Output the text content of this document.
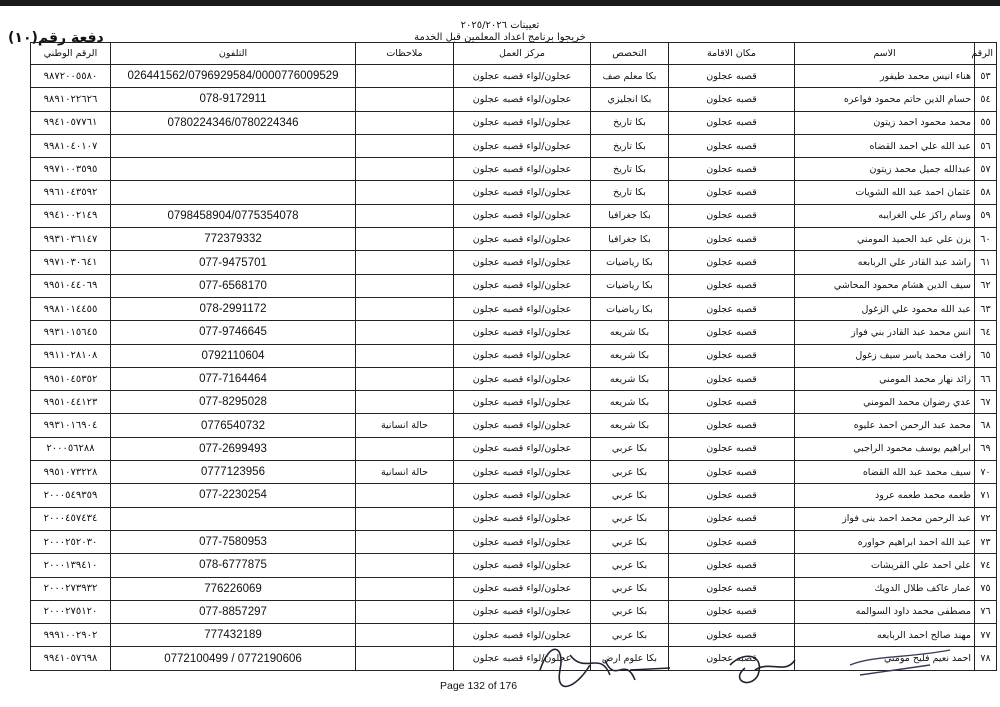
تعيينات ٢٠٢٥/٢٠٢٦
خريجوا برنامج اعداد المعلمين قبل الخدمة
دفعة رقم(١٠)
الرقم	الاسم	مكان الاقامة	التخصص	مركز العمل	ملاحظات	التلفون	الرقم الوطني
٥٣	هناء انيس محمد طيفور	قصبه عجلون	بكا معلم صف	عجلون/لواء قصبه عجلون		026441562/0796929584/0000776009529	٩٨٧٢٠٠٥٥٨٠
٥٤	حسام الدين حاتم محمود فواعره	قصبه عجلون	بكا انجليزي	عجلون/لواء قصبه عجلون		078-9172911	٩٨٩١٠٢٢٦٢٦
٥٥	محمد محمود احمد زيتون	قصبه عجلون	بكا تاريخ	عجلون/لواء قصبه عجلون		0780224346/0780224346	٩٩٤١٠٥٧٧٦١
٥٦	عبد الله علي احمد القضاه	قصبه عجلون	بكا تاريخ	عجلون/لواء قصبه عجلون			٩٩٨١٠٤٠١٠٧
٥٧	عبدالله جميل محمد زيتون	قصبه عجلون	بكا تاريخ	عجلون/لواء قصبه عجلون			٩٩٧١٠٠٣٥٩٥
٥٨	عثمان احمد عبد الله الشويات	قصبه عجلون	بكا تاريخ	عجلون/لواء قصبه عجلون			٩٩٦١٠٤٣٥٩٢
٥٩	وسام راكز علي الغرايبه	قصبه عجلون	بكا جغرافيا	عجلون/لواء قصبه عجلون		0798458904/0775354078	٩٩٤١٠٠٢١٤٩
٦٠	يزن علي عبد الحميد المومني	قصبه عجلون	بكا جغرافيا	عجلون/لواء قصبه عجلون		772379332	٩٩٣١٠٣٦١٤٧
٦١	راشد عبد القادر علي الربابعه	قصبه عجلون	بكا رياضيات	عجلون/لواء قصبه عجلون		077-9475701	٩٩٧١٠٣٠٦٤١
٦٢	سيف الدين هشام محمود المحاشي	قصبه عجلون	بكا رياضيات	عجلون/لواء قصبه عجلون		077-6568170	٩٩٥١٠٤٤٠٦٩
٦٣	عبد الله محمود علي الزغول	قصبه عجلون	بكا رياضيات	عجلون/لواء قصبه عجلون		078-2991172	٩٩٨١٠١٤٤٥٥
٦٤	انس محمد عبد القادر بني فواز	قصبه عجلون	بكا شريعه	عجلون/لواء قصبه عجلون		077-9746645	٩٩٣١٠١٥٦٤٥
٦٥	رافت محمد ياسر سيف زغول	قصبه عجلون	بكا شريعه	عجلون/لواء قصبه عجلون		0792110604	٩٩١١٠٢٨١٠٨
٦٦	رائد نهار محمد المومني	قصبه عجلون	بكا شريعه	عجلون/لواء قصبه عجلون		077-7164464	٩٩٥١٠٤٥٣٥٢
٦٧	عدي رضوان محمد المومني	قصبه عجلون	بكا شريعه	عجلون/لواء قصبه عجلون		077-8295028	٩٩٥١٠٤٤١٢٣
٦٨	محمد عبد الرحمن احمد عليوه	قصبه عجلون	بكا شريعه	عجلون/لواء قصبه عجلون	حالة انسانية	0776540732	٩٩٣١٠١٦٩٠٤
٦٩	ابراهيم يوسف محمود الراجبي	قصبه عجلون	بكا عربي	عجلون/لواء قصبه عجلون		077-2699493	٢٠٠٠٥٦٢٨٨
٧٠	سيف محمد عبد الله القضاه	قصبه عجلون	بكا عربي	عجلون/لواء قصبه عجلون	حالة انسانية	0777123956	٩٩٥١٠٧٣٢٢٨
٧١	طعمه محمد طعمه عرود	قصبه عجلون	بكا عربي	عجلون/لواء قصبه عجلون		077-2230254	٢٠٠٠٥٤٩٣٥٩
٧٢	عبد الرحمن محمد احمد بنى فواز	قصبه عجلون	بكا عربي	عجلون/لواء قصبه عجلون			٢٠٠٠٤٥٧٤٣٤
٧٣	عبد الله احمد ابراهيم حواوره	قصبه عجلون	بكا عربي	عجلون/لواء قصبه عجلون		077-7580953	٢٠٠٠٢٥٢٠٣٠
٧٤	علي احمد علي القريشات	قصبه عجلون	بكا عربي	عجلون/لواء قصبه عجلون		078-6777875	٢٠٠٠١٣٩٤١٠
٧٥	عمار عاكف طلال الدويك	قصبه عجلون	بكا عربي	عجلون/لواء قصبه عجلون		776226069	٢٠٠٠٢٧٣٩٣٢
٧٦	مصطفى محمد داود السوالمه	قصبه عجلون	بكا عربي	عجلون/لواء قصبه عجلون		077-8857297	٢٠٠٠٢٧٥١٢٠
٧٧	مهند صالح احمد الربابعه	قصبه عجلون	بكا عربي	عجلون/لواء قصبه عجلون		777432189	٩٩٩١٠٠٢٩٠٢
٧٨	احمد نعيم فليح مومني	قصبه عجلون	بكا علوم ارض	عجلون/لواء قصبه عجلون		0772190606 / 0772100499	٩٩٤١٠٥٧٦٩٨
Page 132 of 176
